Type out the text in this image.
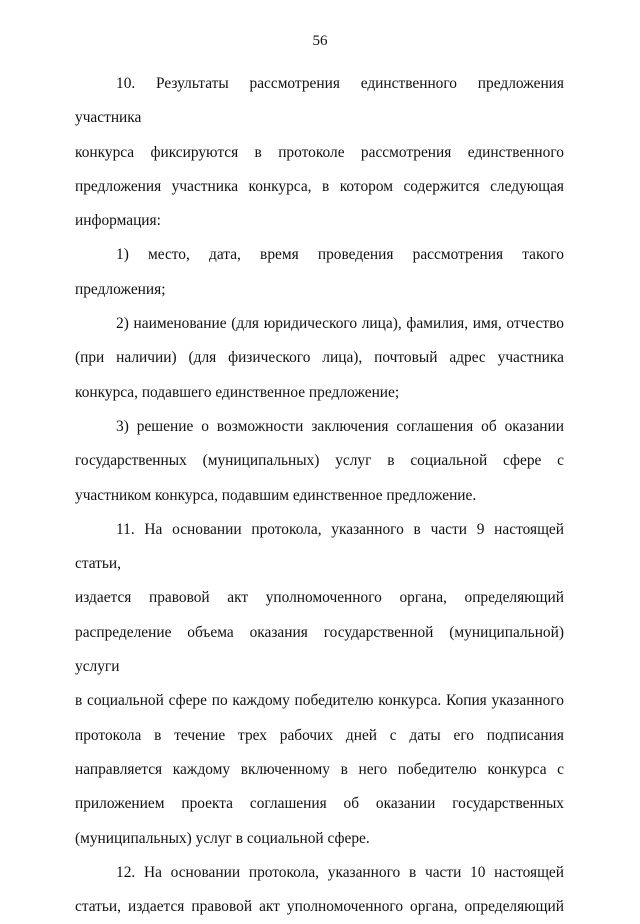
56

10. Результаты рассмотрения единственного предложения участника

конкурса фиксируются в протоколе рассмотрения единственного

предложения участника конкурса, в котором содержится следующая

информация:

1) место, дата, время проведения рассмотрения такого предложения;

2) наименование (для юридического лица), фамилия, имя, отчество

(при наличии) (для физического лица), почтовый адрес участника

конкурса, подавшего единственное предложение;

3) решение о возможности заключения соглашения об оказании

государственных (муниципальных) услуг в социальной сфере с

участником конкурса, подавшим единственное предложение.

11. На основании протокола, указанного в части 9 настоящей статьи,

издается правовой акт уполномоченного органа, определяющий

распределение объема оказания государственной (муниципальной) услуги

в социальной сфере по каждому победителю конкурса. Копия указанного

протокола в течение трех рабочих дней с даты его подписания

направляется каждому включенному в него победителю конкурса с

приложением проекта соглашения об оказании государственных

(муниципальных) услуг в социальной сфере.

12. На основании протокола, указанного в части 10 настоящей

статьи, издается правовой акт уполномоченного органа, определяющий
